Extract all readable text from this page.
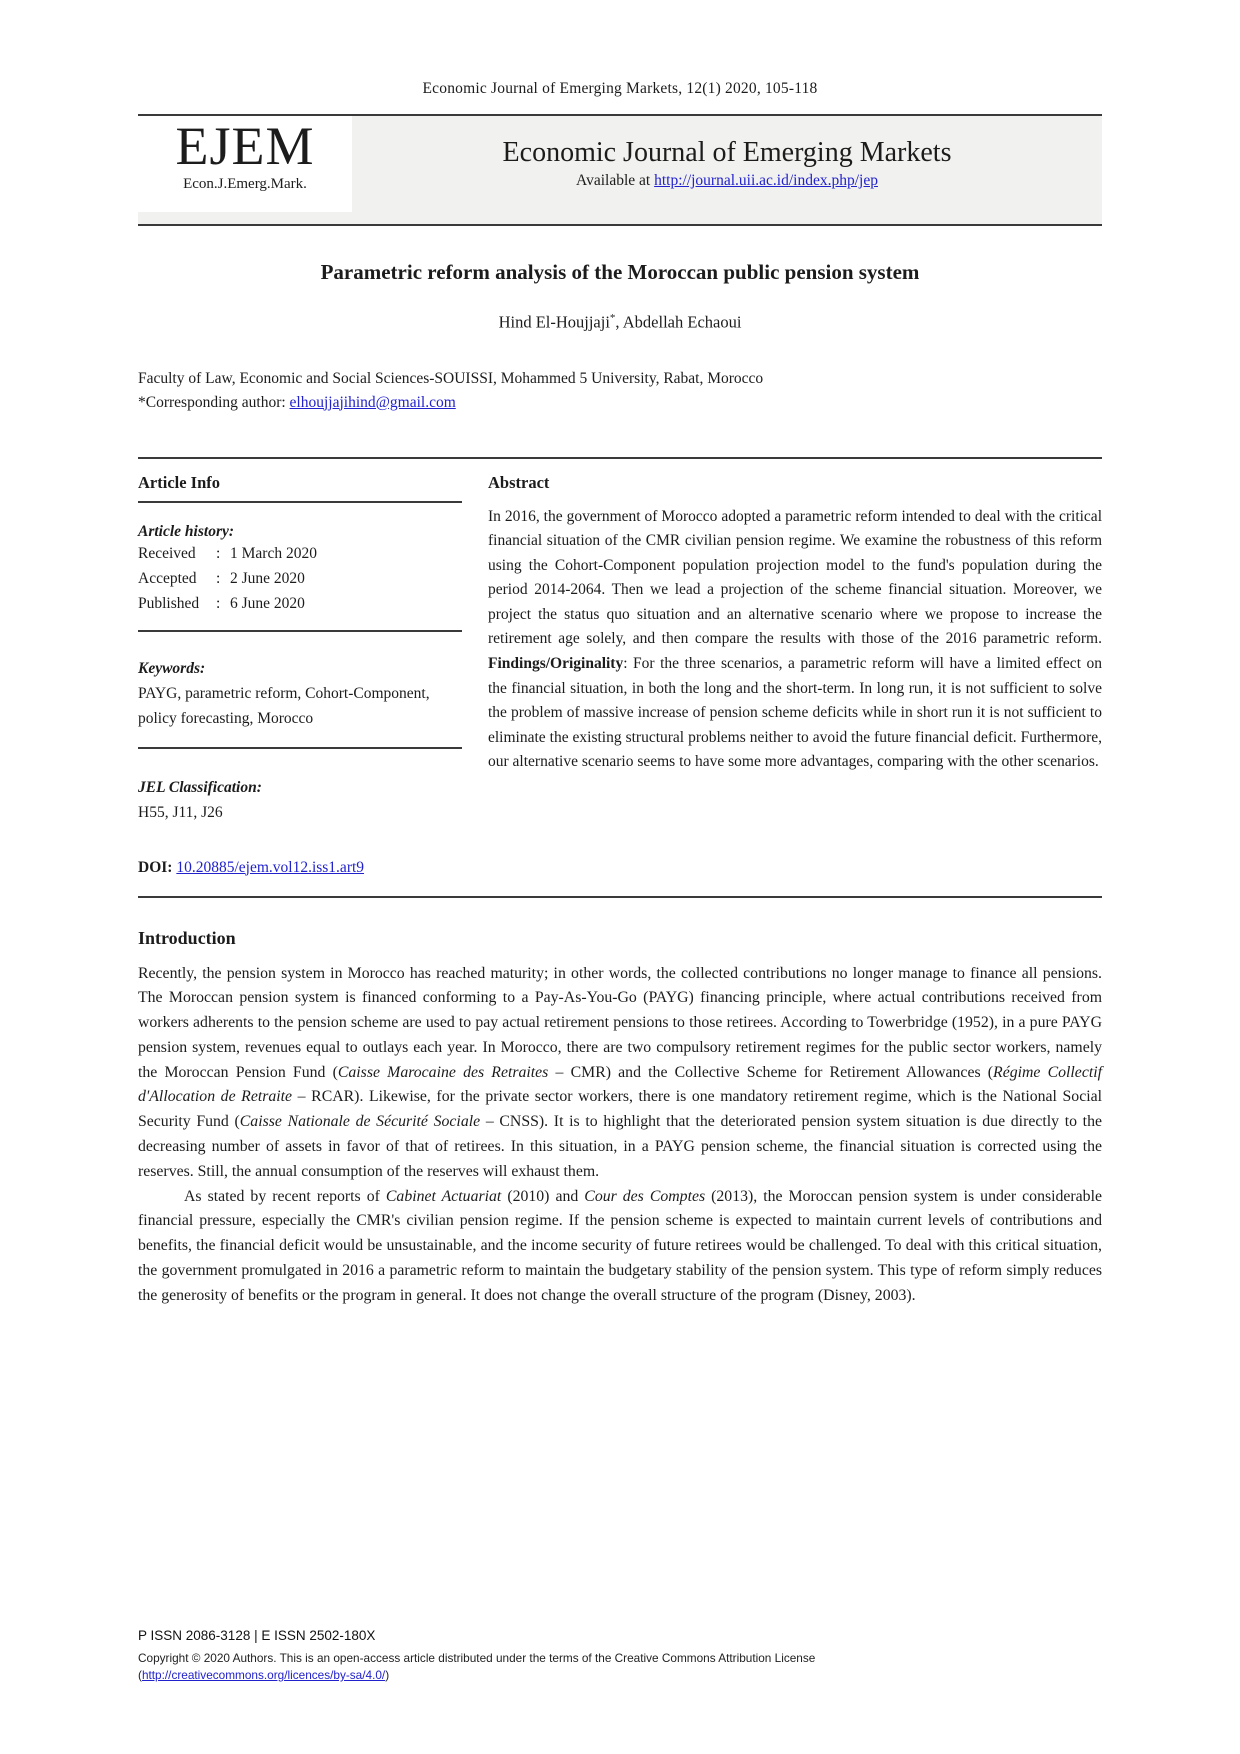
Economic Journal of Emerging Markets, 12(1) 2020, 105-118
EJEM
Econ.J.Emerg.Mark.
Economic Journal of Emerging Markets
Available at http://journal.uii.ac.id/index.php/jep
Parametric reform analysis of the Moroccan public pension system
Hind El-Houjjaji*, Abdellah Echaoui
Faculty of Law, Economic and Social Sciences-SOUISSI, Mohammed 5 University, Rabat, Morocco
*Corresponding author: elhoujjajihind@gmail.com
Article Info
Article history:
Received	: 1 March 2020
Accepted	: 2 June 2020
Published	: 6 June 2020
Keywords:
PAYG, parametric reform, Cohort-Component, policy forecasting, Morocco
JEL Classification:
H55, J11, J26
DOI: 10.20885/ejem.vol12.iss1.art9
Abstract
In 2016, the government of Morocco adopted a parametric reform intended to deal with the critical financial situation of the CMR civilian pension regime. We examine the robustness of this reform using the Cohort-Component population projection model to the fund's population during the period 2014-2064. Then we lead a projection of the scheme financial situation. Moreover, we project the status quo situation and an alternative scenario where we propose to increase the retirement age solely, and then compare the results with those of the 2016 parametric reform. Findings/Originality: For the three scenarios, a parametric reform will have a limited effect on the financial situation, in both the long and the short-term. In long run, it is not sufficient to solve the problem of massive increase of pension scheme deficits while in short run it is not sufficient to eliminate the existing structural problems neither to avoid the future financial deficit. Furthermore, our alternative scenario seems to have some more advantages, comparing with the other scenarios.
Introduction
Recently, the pension system in Morocco has reached maturity; in other words, the collected contributions no longer manage to finance all pensions. The Moroccan pension system is financed conforming to a Pay-As-You-Go (PAYG) financing principle, where actual contributions received from workers adherents to the pension scheme are used to pay actual retirement pensions to those retirees. According to Towerbridge (1952), in a pure PAYG pension system, revenues equal to outlays each year. In Morocco, there are two compulsory retirement regimes for the public sector workers, namely the Moroccan Pension Fund (Caisse Marocaine des Retraites – CMR) and the Collective Scheme for Retirement Allowances (Régime Collectif d'Allocation de Retraite – RCAR). Likewise, for the private sector workers, there is one mandatory retirement regime, which is the National Social Security Fund (Caisse Nationale de Sécurité Sociale – CNSS). It is to highlight that the deteriorated pension system situation is due directly to the decreasing number of assets in favor of that of retirees. In this situation, in a PAYG pension scheme, the financial situation is corrected using the reserves. Still, the annual consumption of the reserves will exhaust them.
As stated by recent reports of Cabinet Actuariat (2010) and Cour des Comptes (2013), the Moroccan pension system is under considerable financial pressure, especially the CMR's civilian pension regime. If the pension scheme is expected to maintain current levels of contributions and benefits, the financial deficit would be unsustainable, and the income security of future retirees would be challenged. To deal with this critical situation, the government promulgated in 2016 a parametric reform to maintain the budgetary stability of the pension system. This type of reform simply reduces the generosity of benefits or the program in general. It does not change the overall structure of the program (Disney, 2003).
P ISSN 2086-3128 | E ISSN 2502-180X
Copyright © 2020 Authors. This is an open-access article distributed under the terms of the Creative Commons Attribution License
(http://creativecommons.org/licences/by-sa/4.0/)
